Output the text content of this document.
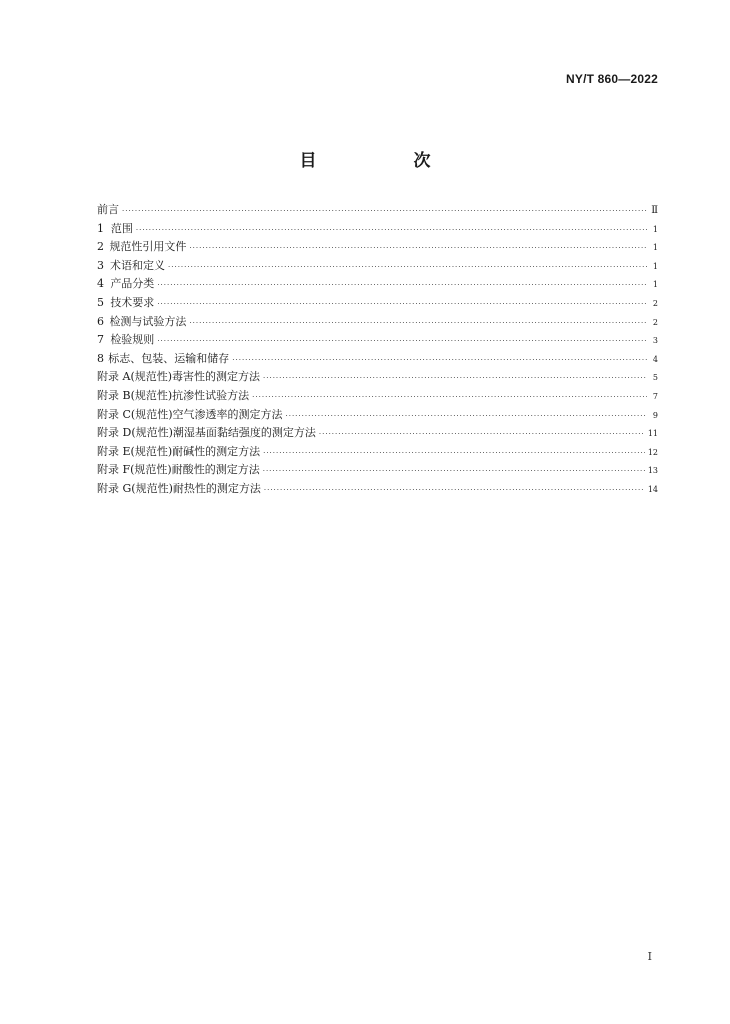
NY/T 860—2022
目　次
前言 ·····	Ⅱ
1 范围 ·····	1
2 规范性引用文件 ·····	1
3 术语和定义 ·····	1
4 产品分类 ·····	1
5 技术要求 ·····	2
6 检测与试验方法 ·····	2
7 检验规则 ·····	3
8 标志、包装、运输和储存 ·····	4
附录 A(规范性) 毒害性的测定方法 ·····	5
附录 B(规范性) 抗渗性试验方法 ·····	7
附录 C(规范性) 空气渗透率的测定方法 ·····	9
附录 D(规范性) 潮湿基面黏结强度的测定方法 ·····	11
附录 E(规范性) 耐碱性的测定方法 ·····	12
附录 F(规范性) 耐酸性的测定方法 ·····	13
附录 G(规范性) 耐热性的测定方法 ·····	14
Ⅰ
